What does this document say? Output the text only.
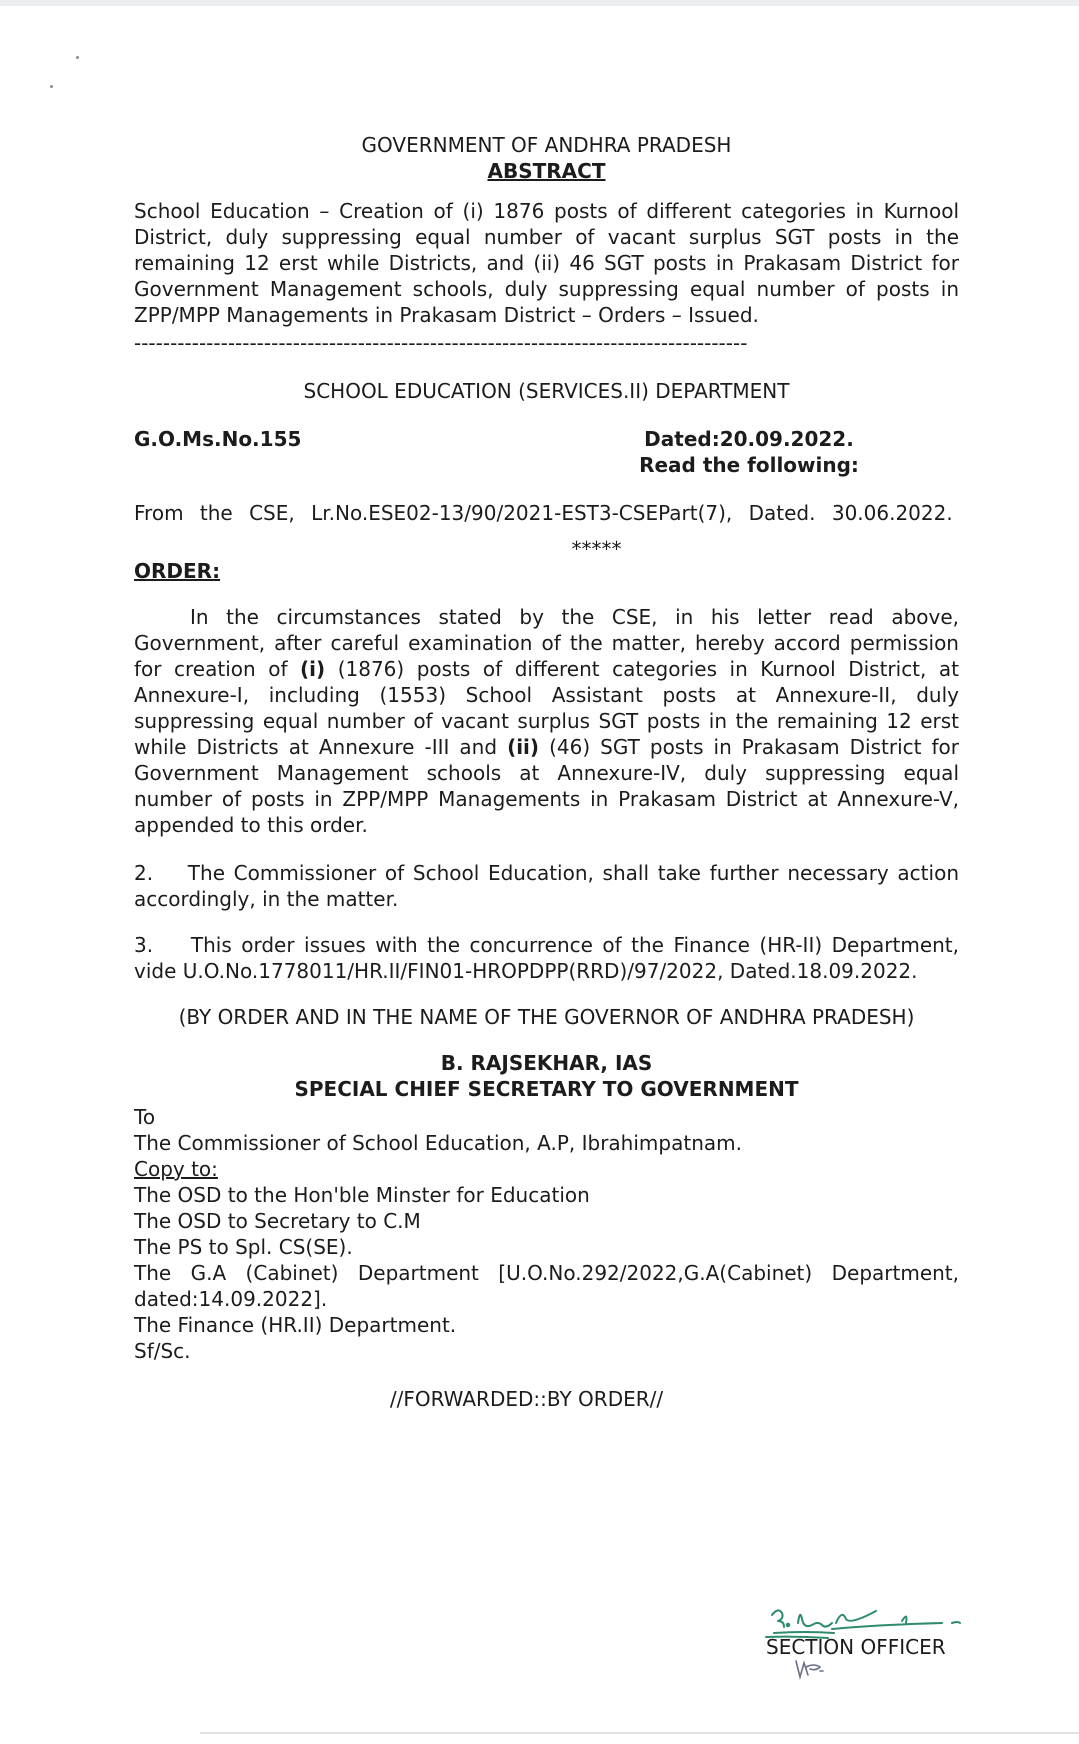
GOVERNMENT OF ANDHRA PRADESH
ABSTRACT

School Education – Creation of (i) 1876 posts of different categories in Kurnool District, duly suppressing equal number of vacant surplus SGT posts in the remaining 12 erst while Districts, and (ii) 46 SGT posts in Prakasam District for Government Management schools, duly suppressing equal number of posts in ZPP/MPP Managements in Prakasam District – Orders – Issued.

-------------------------------------------------------------------------------------
SCHOOL EDUCATION (SERVICES.II) DEPARTMENT
G.O.Ms.No.155	Dated:20.09.2022.
Read the following:

From the CSE, Lr.No.ESE02-13/90/2021-EST3-CSEPart(7), Dated. 30.06.2022.

*****
ORDER:

In the circumstances stated by the CSE, in his letter read above, Government, after careful examination of the matter, hereby accord permission for creation of (i) (1876) posts of different categories in Kurnool District, at Annexure-I, including (1553) School Assistant posts at Annexure-II, duly suppressing equal number of vacant surplus SGT posts in the remaining 12 erst while Districts at Annexure -III and (ii) (46) SGT posts in Prakasam District for Government Management schools at Annexure-IV, duly suppressing equal number of posts in ZPP/MPP Managements in Prakasam District at Annexure-V, appended to this order.

2.    The Commissioner of School Education, shall take further necessary action accordingly, in the matter.

3.    This order issues with the concurrence of the Finance (HR-II) Department, vide U.O.No.1778011/HR.II/FIN01-HROPDPP(RRD)/97/2022, Dated.18.09.2022.

(BY ORDER AND IN THE NAME OF THE GOVERNOR OF ANDHRA PRADESH)
B. RAJSEKHAR, IAS
SPECIAL CHIEF SECRETARY TO GOVERNMENT
To
The Commissioner of School Education, A.P, Ibrahimpatnam.
Copy to:
The OSD to the Hon'ble Minster for Education
The OSD to Secretary to C.M
The PS to Spl. CS(SE).
The G.A (Cabinet) Department [U.O.No.292/2022,G.A(Cabinet) Department, dated:14.09.2022].
The Finance (HR.II) Department.
Sf/Sc.
//FORWARDED::BY ORDER//
SECTION OFFICER
